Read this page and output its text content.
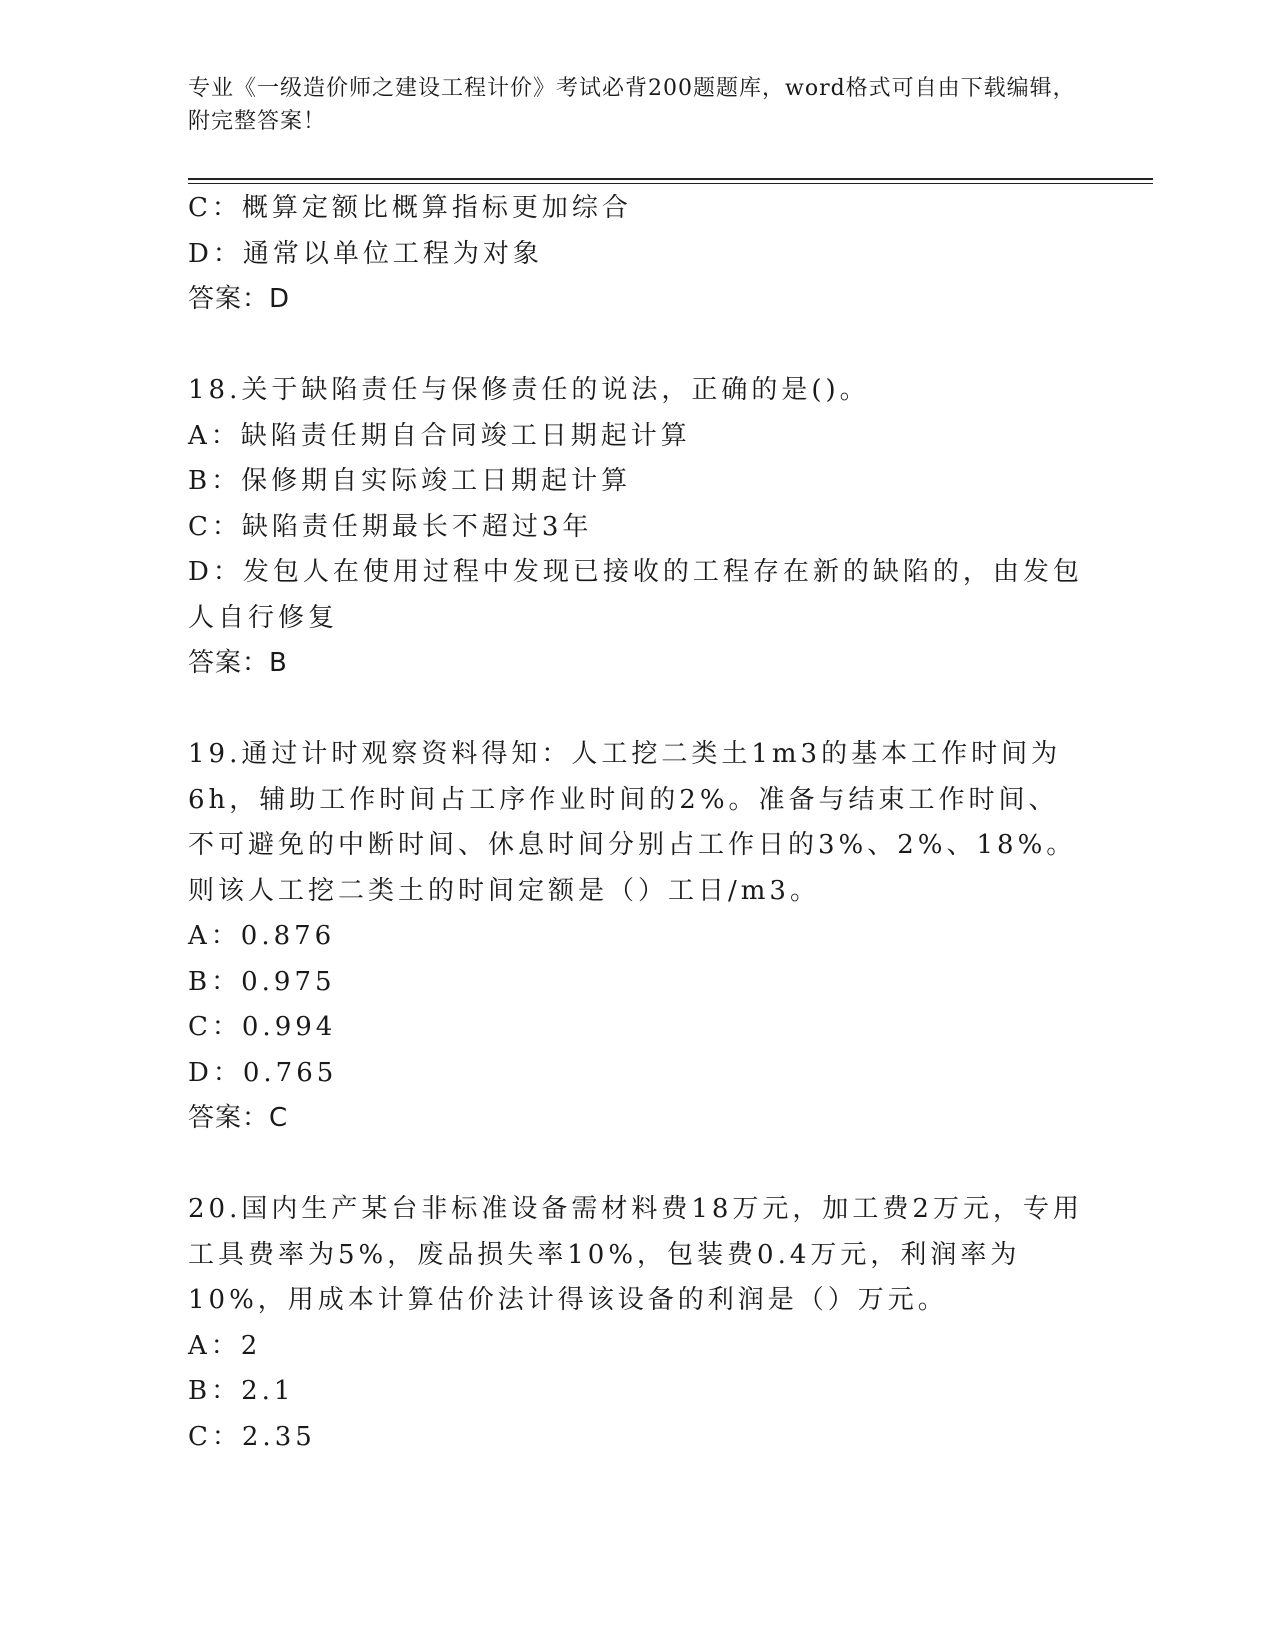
专业《一级造价师之建设工程计价》考试必背200题题库，word格式可自由下载编辑，附完整答案！
C：概算定额比概算指标更加综合
D：通常以单位工程为对象
答案：D
18.关于缺陷责任与保修责任的说法，正确的是()。
A：缺陷责任期自合同竣工日期起计算
B：保修期自实际竣工日期起计算
C：缺陷责任期最长不超过3年
D：发包人在使用过程中发现已接收的工程存在新的缺陷的，由发包人自行修复
答案：B
19.通过计时观察资料得知：人工挖二类土1m3的基本工作时间为6h，辅助工作时间占工序作业时间的2%。准备与结束工作时间、不可避免的中断时间、休息时间分别占工作日的3%、2%、18%。则该人工挖二类土的时间定额是（）工日/m3。
A：0.876
B：0.975
C：0.994
D：0.765
答案：C
20.国内生产某台非标准设备需材料费18万元，加工费2万元，专用工具费率为5%，废品损失率10%，包装费0.4万元，利润率为10%，用成本计算估价法计得该设备的利润是（）万元。
A：2
B：2.1
C：2.35
